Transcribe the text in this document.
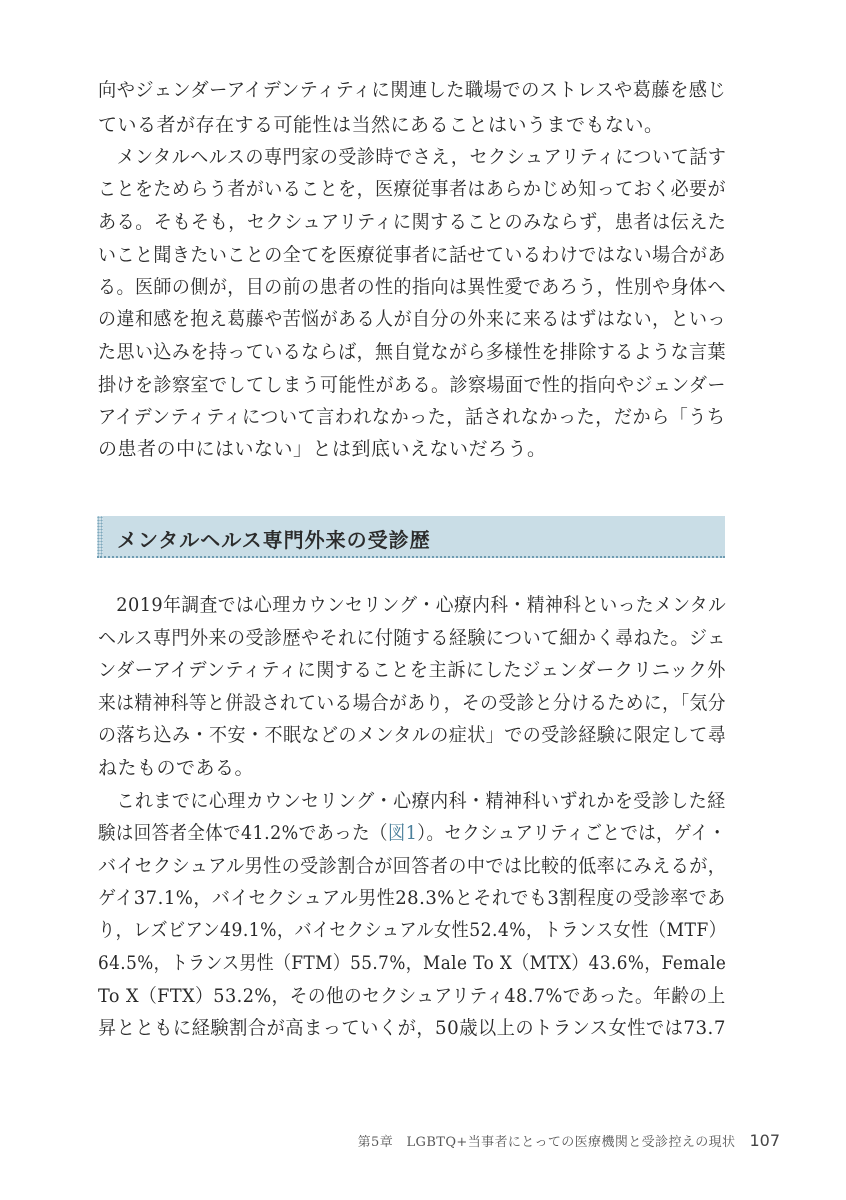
向やジェンダーアイデンティティに関連した職場でのストレスや葛藤を感じ
ている者が存在する可能性は当然にあることはいうまでもない。
　メンタルヘルスの専門家の受診時でさえ，セクシュアリティについて話す
ことをためらう者がいることを，医療従事者はあらかじめ知っておく必要が
ある。そもそも，セクシュアリティに関することのみならず，患者は伝えた
いこと聞きたいことの全てを医療従事者に話せているわけではない場合があ
る。医師の側が，目の前の患者の性的指向は異性愛であろう，性別や身体へ
の違和感を抱え葛藤や苦悩がある人が自分の外来に来るはずはない，といっ
た思い込みを持っているならば，無自覚ながら多様性を排除するような言葉
掛けを診察室でしてしまう可能性がある。診察場面で性的指向やジェンダー
アイデンティティについて言われなかった，話されなかった，だから「うち
の患者の中にはいない」とは到底いえないだろう。
メンタルヘルス専門外来の受診歴
　2019年調査では心理カウンセリング・心療内科・精神科といったメンタル
ヘルス専門外来の受診歴やそれに付随する経験について細かく尋ねた。ジェ
ンダーアイデンティティに関することを主訴にしたジェンダークリニック外
来は精神科等と併設されている場合があり，その受診と分けるために，「気分
の落ち込み・不安・不眠などのメンタルの症状」での受診経験に限定して尋
ねたものである。
　これまでに心理カウンセリング・心療内科・精神科いずれかを受診した経
験は回答者全体で41.2%であった（図1）。セクシュアリティごとでは，ゲイ・
バイセクシュアル男性の受診割合が回答者の中では比較的低率にみえるが，
ゲイ37.1%，バイセクシュアル男性28.3%とそれでも3割程度の受診率であ
り，レズビアン49.1%，バイセクシュアル女性52.4%，トランス女性（MTF）
64.5%，トランス男性（FTM）55.7%，Male To X（MTX）43.6%，Female
To X（FTX）53.2%，その他のセクシュアリティ48.7%であった。年齢の上
昇とともに経験割合が高まっていくが，50歳以上のトランス女性では73.7
第5章　LGBTQ+当事者にとっての医療機関と受診控えの現状 107
